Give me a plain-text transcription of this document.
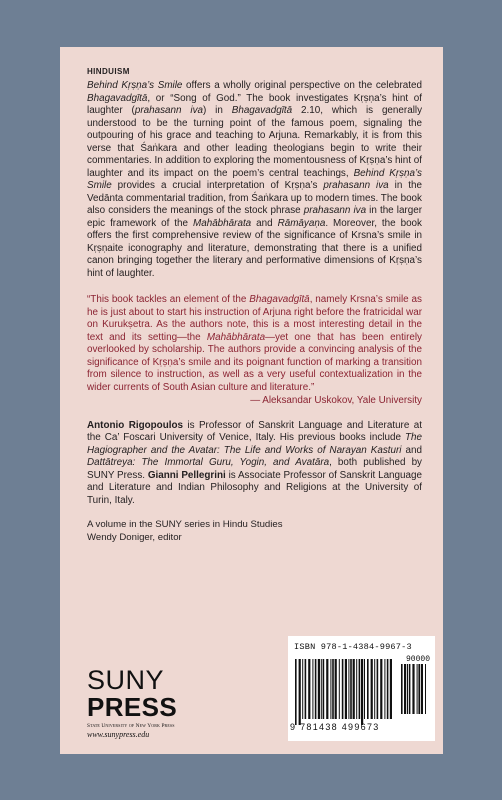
HINDUISM

Behind Kṛṣṇa’s Smile offers a wholly original perspective on the celebrated Bhagavadgītā, or “Song of God.” The book investigates Kṛṣṇa’s hint of laughter (prahasann iva) in Bhagavadgītā 2.10, which is generally understood to be the turning point of the famous poem, signaling the outpouring of his grace and teaching to Arjuna. Remarkably, it is from this verse that Śaṅkara and other leading theologians begin to write their commentaries. In addition to exploring the momentousness of Kṛṣṇa’s hint of laughter and its impact on the poem’s central teachings, Behind Kṛṣṇa’s Smile provides a crucial interpretation of Kṛṣṇa’s prahasann iva in the Vedānta commentarial tradition, from Śaṅkara up to modern times. The book also considers the meanings of the stock phrase prahasann iva in the larger epic framework of the Mahābhārata and Rāmāyaṇa. Moreover, the book offers the first comprehensive review of the significance of Krsna’s smile in Kṛṣṇaite iconography and literature, demonstrating that there is a unified canon bringing together the literary and performative dimensions of Kṛṣṇa’s hint of laughter.

“This book tackles an element of the Bhagavadgītā, namely Krsna’s smile as he is just about to start his instruction of Arjuna right before the fratricidal war on Kurukṣetra. As the authors note, this is a most interesting detail in the text and its setting—the Mahābhārata—yet one that has been entirely overlooked by scholarship. The authors provide a convincing analysis of the significance of Kṛṣṇa’s smile and its poignant function of marking a transition from silence to instruction, as well as a very useful contextualization in the wider currents of South Asian culture and literature.”

— Aleksandar Uskokov, Yale University

Antonio Rigopoulos is Professor of Sanskrit Language and Literature at the Ca’ Foscari University of Venice, Italy. His previous books include The Hagiographer and the Avatar: The Life and Works of Narayan Kasturi and Dattātreya: The Immortal Guru, Yogin, and Avatāra, both published by SUNY Press. Gianni Pellegrini is Associate Professor of Sanskrit Language and Literature and Indian Philosophy and Religions at the University of Turin, Italy.

A volume in the SUNY series in Hindu Studies
Wendy Doniger, editor
SUNY
PRESS
State University of New York Press
www.sunypress.edu
ISBN 978-1-4384-9967-3
90000
9 781438 499673
